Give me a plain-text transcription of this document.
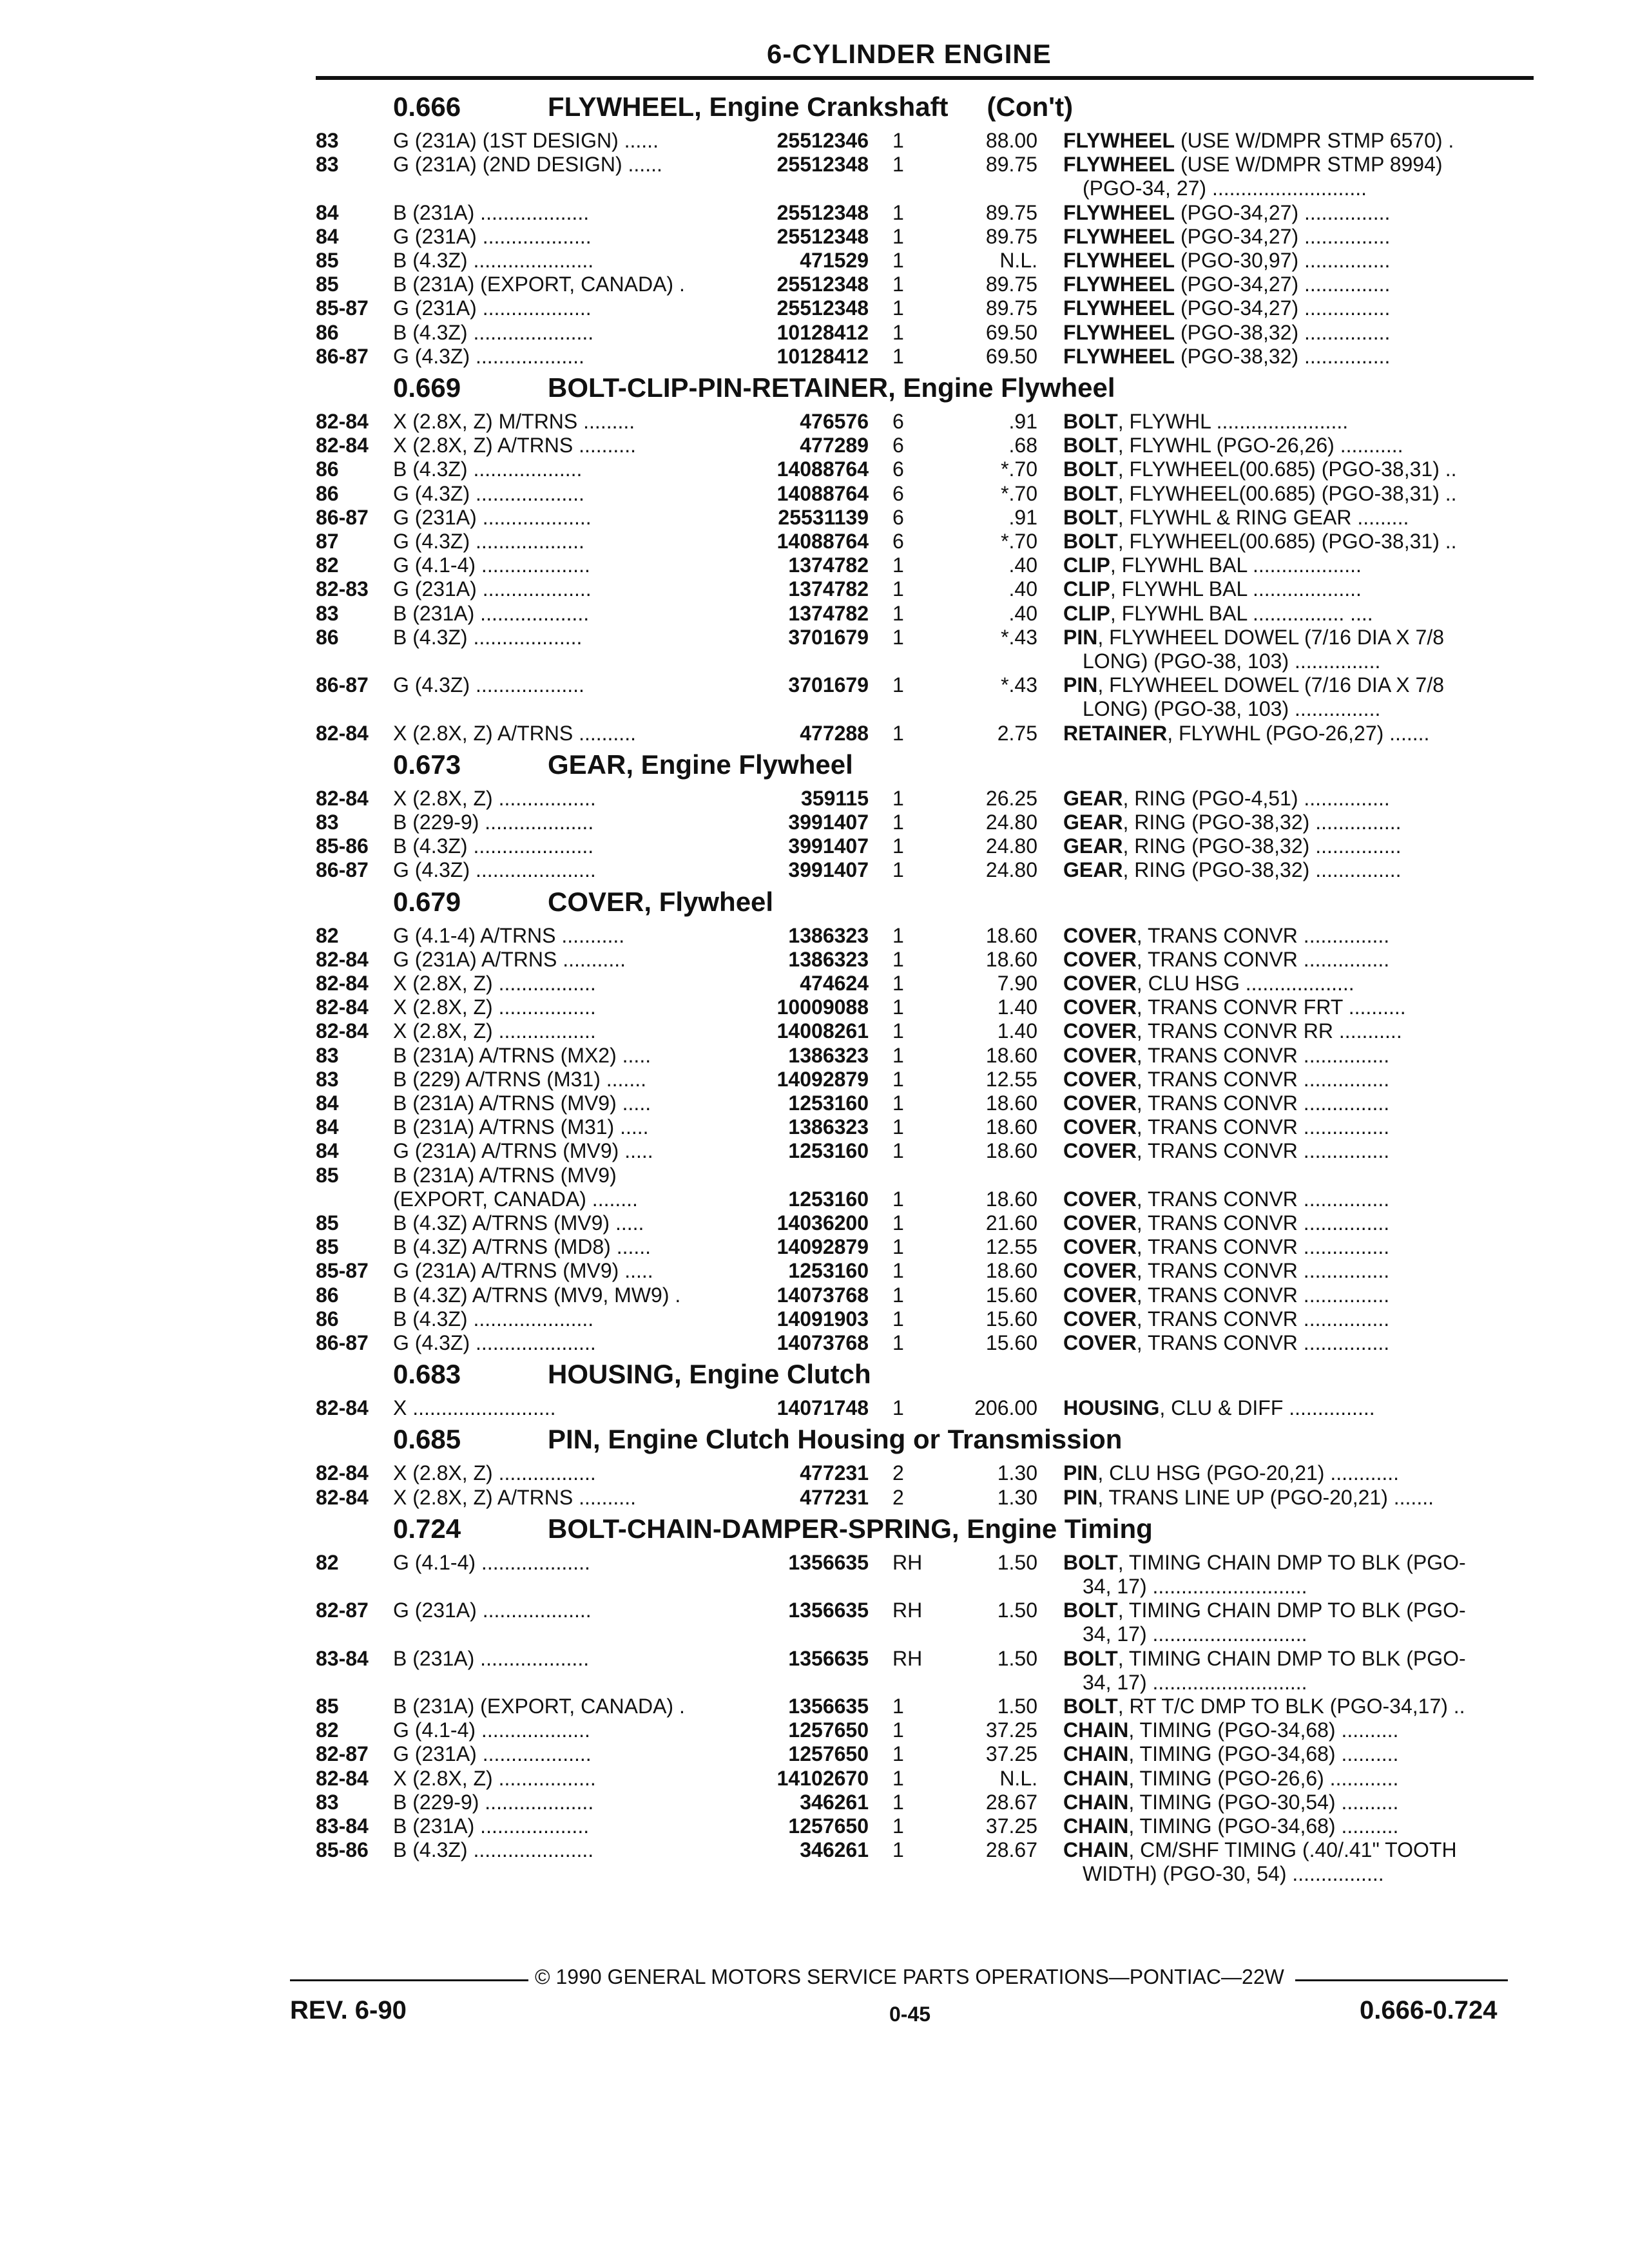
6-CYLINDER ENGINE
0.666	FLYWHEEL, Engine Crankshaft (Con't)
83	G (231A) (1ST DESIGN) ......	25512346 1	88.00 FLYWHEEL (USE W/DMPR STMP 6570) .
83	G (231A) (2ND DESIGN) ......	25512348 1	89.75 FLYWHEEL (USE W/DMPR STMP 8994)
(PGO-34, 27) ...........................
84	B (231A) ...................	25512348 1	89.75 FLYWHEEL (PGO-34,27) ...............
84	G (231A) ...................	25512348 1	89.75 FLYWHEEL (PGO-34,27) ...............
85	B (4.3Z) .....................	471529 1	N.L. FLYWHEEL (PGO-30,97) ...............
85	B (231A) (EXPORT, CANADA) .	25512348 1	89.75 FLYWHEEL (PGO-34,27) ...............
85-87 G (231A) ...................	25512348 1	89.75 FLYWHEEL (PGO-34,27) ...............
86	B (4.3Z) .....................	10128412 1	69.50 FLYWHEEL (PGO-38,32) ...............
86-87 G (4.3Z) ...................	10128412 1	69.50 FLYWHEEL (PGO-38,32) ...............
0.669	BOLT-CLIP-PIN-RETAINER, Engine Flywheel
82-84 X (2.8X, Z) M/TRNS .........	476576 6	.91 BOLT, FLYWHL .......................
82-84 X (2.8X, Z) A/TRNS ..........	477289 6	.68 BOLT, FLYWHL (PGO-26,26) ...........
86	B (4.3Z) ...................	14088764 6	*.70 BOLT, FLYWHEEL(00.685) (PGO-38,31) ..
86	G (4.3Z) ...................	14088764 6	*.70 BOLT, FLYWHEEL(00.685) (PGO-38,31) ..
86-87 G (231A) ...................	25531139 6	.91 BOLT, FLYWHL & RING GEAR .........
87	G (4.3Z) ...................	14088764 6	*.70 BOLT, FLYWHEEL(00.685) (PGO-38,31) ..
82	G (4.1-4) ...................	1374782 1	.40 CLIP, FLYWHL BAL ...................
82-83 G (231A) ...................	1374782 1	.40 CLIP, FLYWHL BAL ...................
83	B (231A) ...................	1374782 1	.40 CLIP, FLYWHL BAL ................ ....
86	B (4.3Z) ...................	3701679 1	*.43 PIN, FLYWHEEL DOWEL (7/16 DIA X 7/8
LONG) (PGO-38, 103) ...............
86-87 G (4.3Z) ...................	3701679 1	*.43 PIN, FLYWHEEL DOWEL (7/16 DIA X 7/8
LONG) (PGO-38, 103) ...............
82-84 X (2.8X, Z) A/TRNS ..........	477288 1	2.75 RETAINER, FLYWHL (PGO-26,27) .......
0.673	GEAR, Engine Flywheel
82-84 X (2.8X, Z) .................	359115 1	26.25 GEAR, RING (PGO-4,51) ...............
83	B (229-9) ...................	3991407 1	24.80 GEAR, RING (PGO-38,32) ...............
85-86 B (4.3Z) .....................	3991407 1	24.80 GEAR, RING (PGO-38,32) ...............
86-87 G (4.3Z) .....................	3991407 1	24.80 GEAR, RING (PGO-38,32) ...............
0.679	COVER, Flywheel
82	G (4.1-4) A/TRNS ...........	1386323 1	18.60 COVER, TRANS CONVR ...............
82-84 G (231A) A/TRNS ...........	1386323 1	18.60 COVER, TRANS CONVR ...............
82-84 X (2.8X, Z) .................	474624 1	7.90 COVER, CLU HSG ...................
82-84 X (2.8X, Z) .................	10009088 1	1.40 COVER, TRANS CONVR FRT ..........
82-84 X (2.8X, Z) .................	14008261 1	1.40 COVER, TRANS CONVR RR ...........
83	B (231A) A/TRNS (MX2) .....	1386323 1	18.60 COVER, TRANS CONVR ...............
83	B (229) A/TRNS (M31) .......	14092879 1	12.55 COVER, TRANS CONVR ...............
84	B (231A) A/TRNS (MV9) .....	1253160 1	18.60 COVER, TRANS CONVR ...............
84	B (231A) A/TRNS (M31) .....	1386323 1	18.60 COVER, TRANS CONVR ...............
84	G (231A) A/TRNS (MV9) .....	1253160 1	18.60 COVER, TRANS CONVR ...............
85	B (231A) A/TRNS (MV9)
(EXPORT, CANADA) ........	1253160 1	18.60 COVER, TRANS CONVR ...............
85	B (4.3Z) A/TRNS (MV9) .....	14036200 1	21.60 COVER, TRANS CONVR ...............
85	B (4.3Z) A/TRNS (MD8) ......	14092879 1	12.55 COVER, TRANS CONVR ...............
85-87 G (231A) A/TRNS (MV9) .....	1253160 1	18.60 COVER, TRANS CONVR ...............
86	B (4.3Z) A/TRNS (MV9, MW9) .	14073768 1	15.60 COVER, TRANS CONVR ...............
86	B (4.3Z) .....................	14091903 1	15.60 COVER, TRANS CONVR ...............
86-87 G (4.3Z) .....................	14073768 1	15.60 COVER, TRANS CONVR ...............
0.683	HOUSING, Engine Clutch
82-84 X .........................	14071748 1	206.00 HOUSING, CLU & DIFF ...............
0.685	PIN, Engine Clutch Housing or Transmission
82-84 X (2.8X, Z) .................	477231 2	1.30 PIN, CLU HSG (PGO-20,21) ............
82-84 X (2.8X, Z) A/TRNS ..........	477231 2	1.30 PIN, TRANS LINE UP (PGO-20,21) .......
0.724	BOLT-CHAIN-DAMPER-SPRING, Engine Timing
82	G (4.1-4) ...................	1356635 RH	1.50 BOLT, TIMING CHAIN DMP TO BLK (PGO-
34, 17) ...........................
82-87 G (231A) ...................	1356635 RH	1.50 BOLT, TIMING CHAIN DMP TO BLK (PGO-
34, 17) ...........................
83-84 B (231A) ...................	1356635 RH	1.50 BOLT, TIMING CHAIN DMP TO BLK (PGO-
34, 17) ...........................
85	B (231A) (EXPORT, CANADA) .	1356635 1	1.50 BOLT, RT T/C DMP TO BLK (PGO-34,17) ..
82	G (4.1-4) ...................	1257650 1	37.25 CHAIN, TIMING (PGO-34,68) ..........
82-87 G (231A) ...................	1257650 1	37.25 CHAIN, TIMING (PGO-34,68) ..........
82-84 X (2.8X, Z) .................	14102670 1	N.L. CHAIN, TIMING (PGO-26,6) ............
83	B (229-9) ...................	346261 1	28.67 CHAIN, TIMING (PGO-30,54) ..........
83-84 B (231A) ...................	1257650 1	37.25 CHAIN, TIMING (PGO-34,68) ..........
85-86 B (4.3Z) .....................	346261 1	28.67 CHAIN, CM/SHF TIMING (.40/.41" TOOTH
WIDTH) (PGO-30, 54) ................
© 1990 GENERAL MOTORS SERVICE PARTS OPERATIONS—PONTIAC—22W
REV. 6-90	0-45	0.666-0.724
